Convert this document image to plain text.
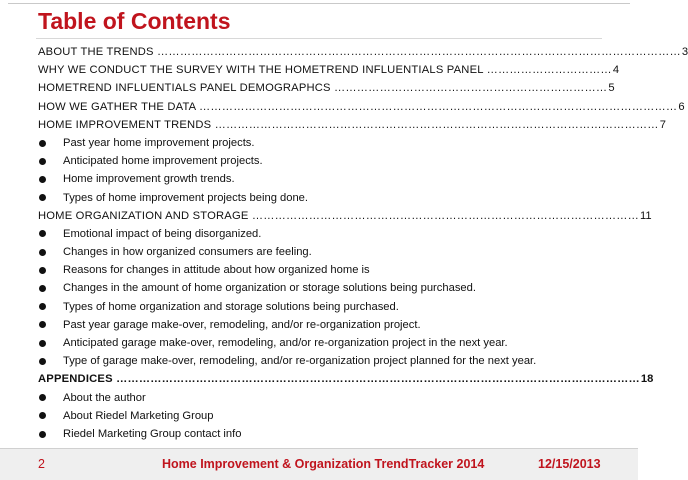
Table of Contents
ABOUT THE TRENDS ………………………………………………………………………………………………………………………… 3
WHY WE CONDUCT THE SURVEY WITH THE HOMETREND INFLUENTIALS PANEL …………………………… 4
HOMETREND INFLUENTIALS PANEL DEMOGRAPHCS ……………………………………………………………… 5
HOW WE GATHER THE DATA ……………………………………………………………………………………………………………… 6
HOME IMPROVEMENT TRENDS ……………………………………………………………………………………………………… 7
Past year home improvement projects.
Anticipated home improvement projects.
Home improvement growth trends.
Types of home improvement projects being done.
HOME ORGANIZATION AND STORAGE ………………………………………………………………………………………… 11
Emotional impact of being disorganized.
Changes in how organized consumers are feeling.
Reasons for changes in attitude about how organized home is
Changes in the amount of home organization or storage solutions being purchased.
Types of home organization and storage solutions being purchased.
Past year garage make-over, remodeling, and/or re-organization project.
Anticipated garage make-over, remodeling, and/or re-organization project in the next year.
Type of garage make-over, remodeling, and/or re-organization project planned for the next year.
APPENDICES ………………………………………………………………………………………………………………………… 18
About the author
About Riedel Marketing Group
Riedel Marketing Group contact info
2	Home Improvement & Organization TrendTracker 2014	12/15/2013
